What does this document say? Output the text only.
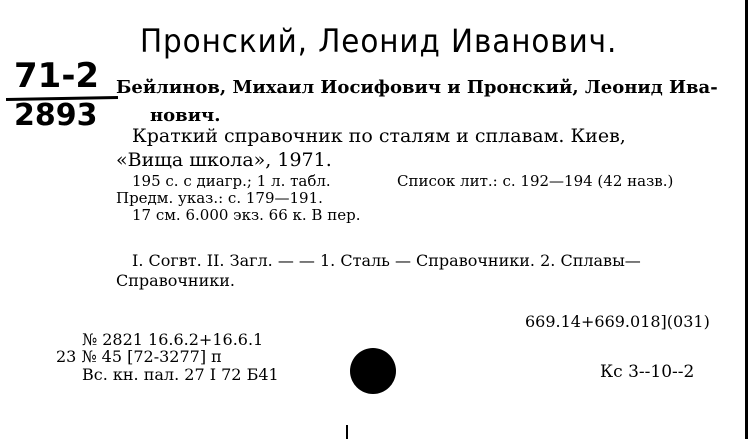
Пронский, Леонид Иванович.
71-2
2893
Бейлинов, Михаил Иосифович и Пронский, Леонид Ива-
нович.
Краткий справочник по сталям и сплавам. Киев,
«Вища школа», 1971.
195 с. с диагр.; 1 л. табл.	Список лит.: с. 192—194 (42 назв.)
Предм. указ.: с. 179—191.
17 см. 6.000 экз. 66 к. В пер.
I. Согвт. II. Загл. — — 1. Сталь — Справочники. 2. Сплавы—
Справочники.
669.14+669.018](031)
№ 2821 16.6.2+16.6.1
23 № 45 [72-3277] п
Вс. кн. пал. 27 I 72 Б41	Кс 3--10--2
